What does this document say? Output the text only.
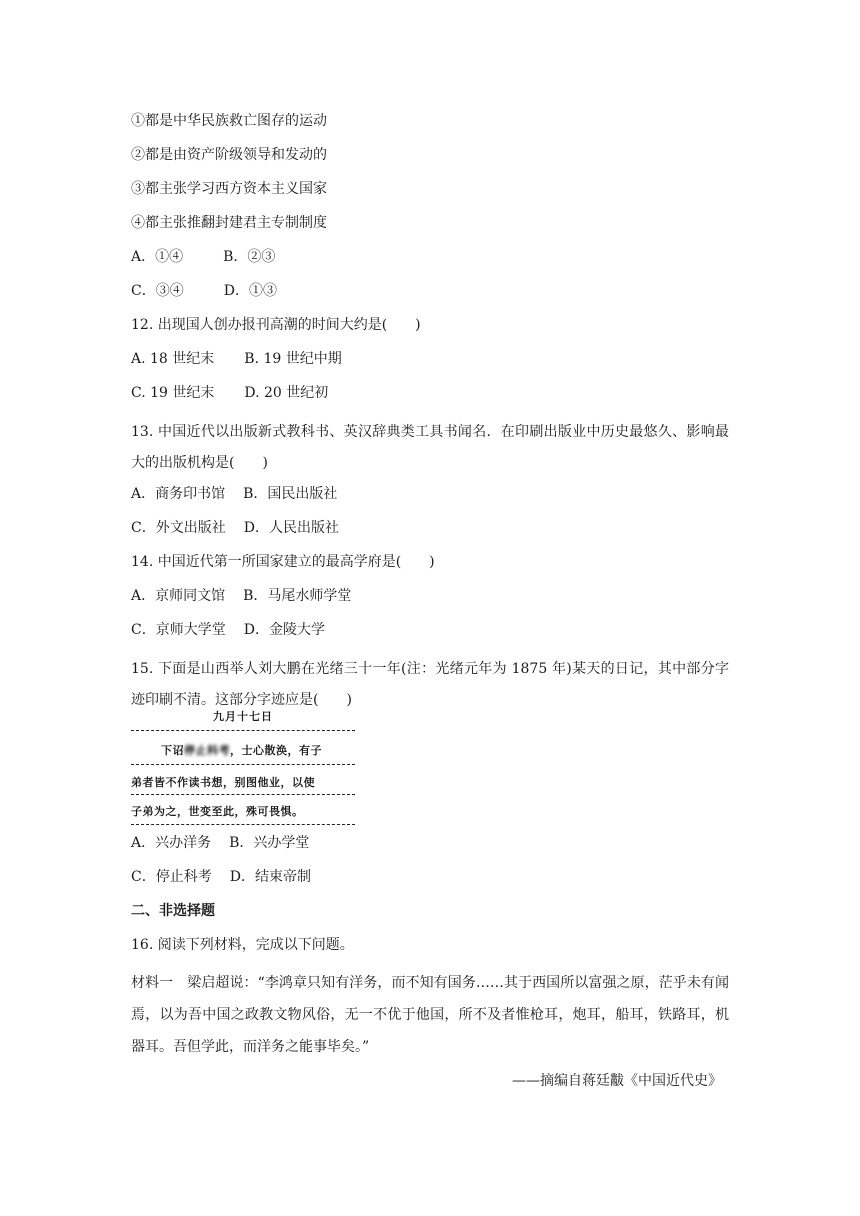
①都是中华民族救亡图存的运动
②都是由资产阶级领导和发动的
③都主张学习西方资本主义国家
④都主张推翻封建君主专制制度
A．①④	B．②③
C．③④	D．①③
12. 出现国人创办报刊高潮的时间大约是(　　)
A. 18 世纪末 B. 19 世纪中期
C. 19 世纪末 D. 20 世纪初
13. 中国近代以出版新式教科书、英汉辞典类工具书闻名．在印刷出版业中历史最悠久、影响最大的出版机构是(　　)
A．商务印书馆 B．国民出版社
C．外文出版社 D．人民出版社
14. 中国近代第一所国家建立的最高学府是(　　)
A．京师同文馆 B．马尾水师学堂
C．京师大学堂 D．金陵大学
15. 下面是山西举人刘大鹏在光绪三十一年(注：光绪元年为 1875 年)某天的日记，其中部分字迹印刷不清。这部分字迹应是(　　)
九月十七日
下诏停止科考，士心散涣，有子
弟者皆不作读书想，别图他业，以使
子弟为之，世变至此，殊可畏惧。
A．兴办洋务 B．兴办学堂
C．停止科考 D．结束帝制
二、非选择题
16. 阅读下列材料，完成以下问题。
材料一　梁启超说：“李鸿章只知有洋务，而不知有国务……其于西国所以富强之原，茫乎未有闻焉，以为吾中国之政教文物风俗，无一不优于他国，所不及者惟枪耳，炮耳，船耳，铁路耳，机器耳。吾但学此，而洋务之能事毕矣。”
——摘编自蒋廷黻《中国近代史》
